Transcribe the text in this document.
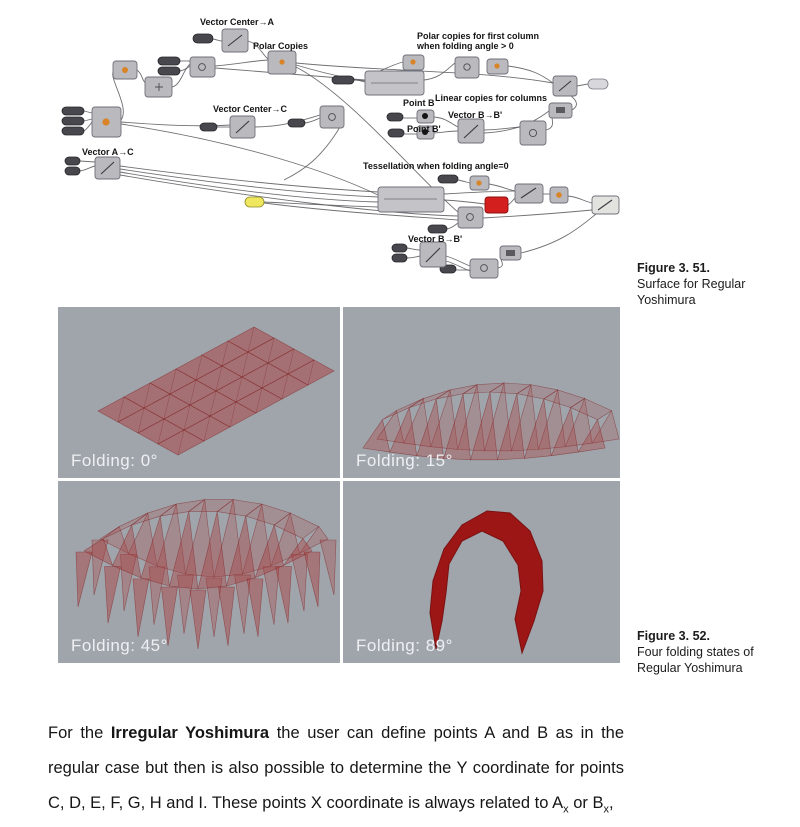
Vector Center→A
Polar Copies
Vector Center→C
Vector A→C
Polar copies for first column
when folding angle > 0
Linear copies for columns
Point B
Vector B→B'
Point B'
Tessellation when folding angle=0
Vector B→B'
Folding: 0°	Folding: 15°
Folding: 45°	Folding: 89°
Figure 3. 51.
Surface for Regular
Yoshimura
Figure 3. 52.
Four folding states of
Regular Yoshimura

For the Irregular Yoshimura the user can define points A and B as in the regular case but then is also possible to determine the Y coordinate for points C, D, E, F, G, H and I. These points X coordinate is always related to $A_x$ or $B_x$,
